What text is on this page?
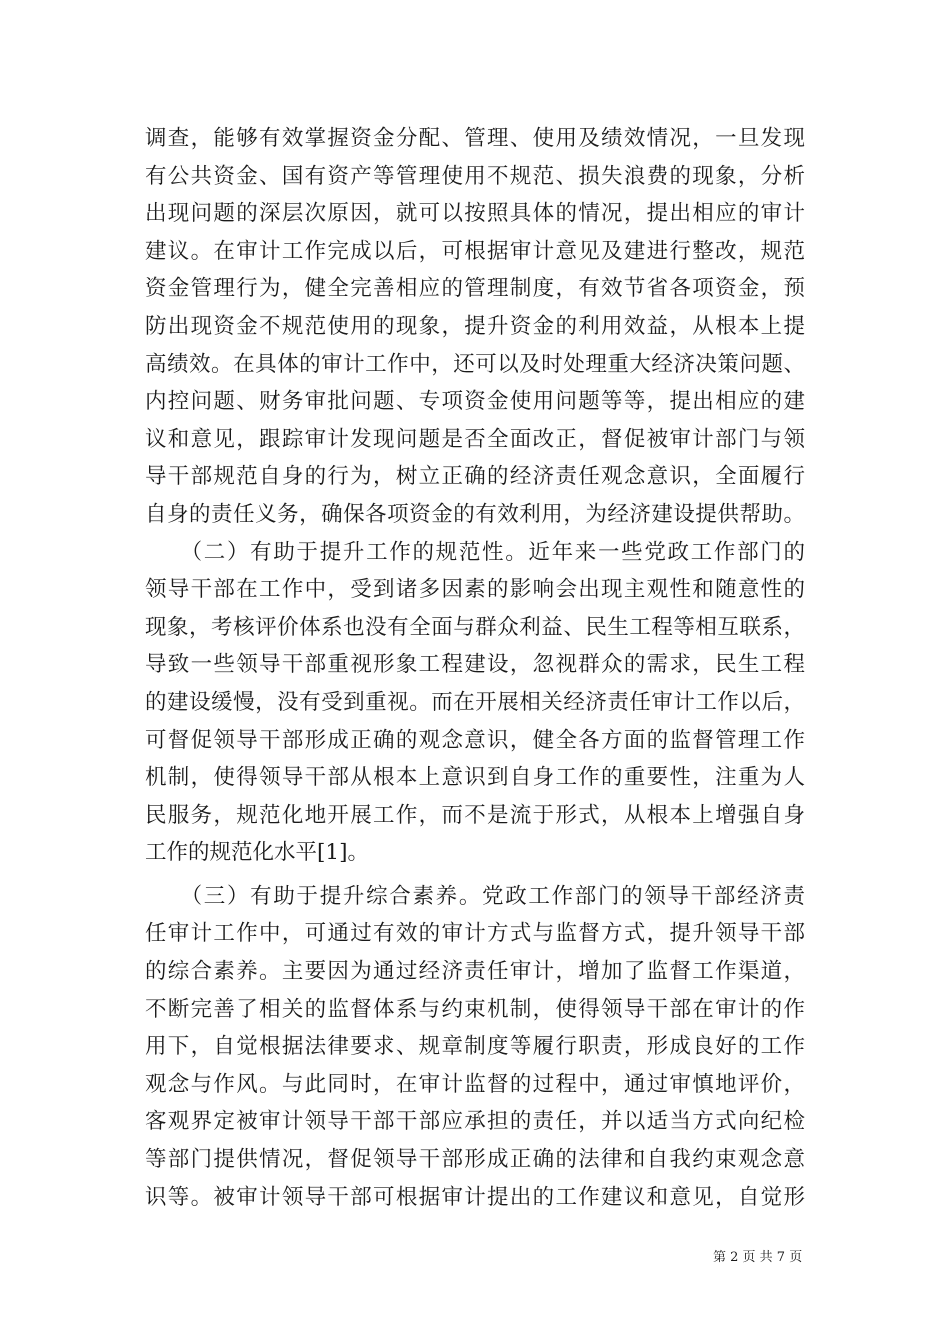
调查，能够有效掌握资金分配、管理、使用及绩效情况，一旦发现
有公共资金、国有资产等管理使用不规范、损失浪费的现象，分析
出现问题的深层次原因，就可以按照具体的情况，提出相应的审计
建议。在审计工作完成以后，可根据审计意见及建进行整改，规范
资金管理行为，健全完善相应的管理制度，有效节省各项资金，预
防出现资金不规范使用的现象，提升资金的利用效益，从根本上提
高绩效。在具体的审计工作中，还可以及时处理重大经济决策问题、
内控问题、财务审批问题、专项资金使用问题等等，提出相应的建
议和意见，跟踪审计发现问题是否全面改正，督促被审计部门与领
导干部规范自身的行为，树立正确的经济责任观念意识，全面履行
自身的责任义务，确保各项资金的有效利用，为经济建设提供帮助。
　　（二）有助于提升工作的规范性。近年来一些党政工作部门的
领导干部在工作中，受到诸多因素的影响会出现主观性和随意性的
现象，考核评价体系也没有全面与群众利益、民生工程等相互联系，
导致一些领导干部重视形象工程建设，忽视群众的需求，民生工程
的建设缓慢，没有受到重视。而在开展相关经济责任审计工作以后，
可督促领导干部形成正确的观念意识，健全各方面的监督管理工作
机制，使得领导干部从根本上意识到自身工作的重要性，注重为人
民服务，规范化地开展工作，而不是流于形式，从根本上增强自身
工作的规范化水平[1]。
　　（三）有助于提升综合素养。党政工作部门的领导干部经济责
任审计工作中，可通过有效的审计方式与监督方式，提升领导干部
的综合素养。主要因为通过经济责任审计，增加了监督工作渠道，
不断完善了相关的监督体系与约束机制，使得领导干部在审计的作
用下，自觉根据法律要求、规章制度等履行职责，形成良好的工作
观念与作风。与此同时，在审计监督的过程中，通过审慎地评价，
客观界定被审计领导干部干部应承担的责任，并以适当方式向纪检
等部门提供情况，督促领导干部形成正确的法律和自我约束观念意
识等。被审计领导干部可根据审计提出的工作建议和意见，自觉形
第 2 页 共 7 页
